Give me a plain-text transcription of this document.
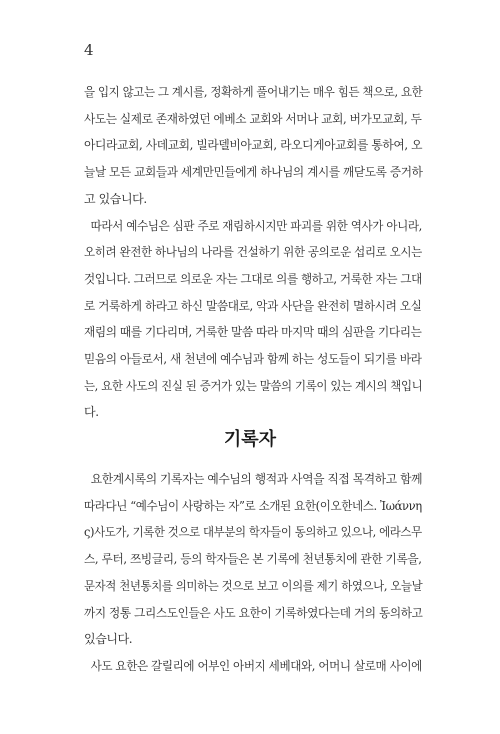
4
을 입지 않고는 그 계시를, 정확하게 풀어내기는 매우 힘든 책으로, 요한
사도는 실제로 존재하였던 에베소 교회와 서머나 교회, 버가모교회, 두
아디라교회, 사데교회, 빌라델비아교회, 라오디게아교회를 통하여, 오
늘날 모든 교회들과 세계만민들에게 하나님의 계시를 깨닫도록 증거하
고 있습니다.
따라서 예수님은 심판 주로 재림하시지만 파괴를 위한 역사가 아니라,
오히려 완전한 하나님의 나라를 건설하기 위한 공의로운 섭리로 오시는
것입니다. 그러므로 의로운 자는 그대로 의를 행하고, 거룩한 자는 그대
로 거룩하게 하라고 하신 말씀대로, 악과 사단을 완전히 멸하시려 오실
재림의 때를 기다리며, 거룩한 말씀 따라 마지막 때의 심판을 기다리는
믿음의 아들로서, 새 천년에 예수님과 함께 하는 성도들이 되기를 바라
는, 요한 사도의 진실 된 증거가 있는 말씀의 기록이 있는 계시의 책입니
다.
기록자
요한계시록의 기록자는 예수님의 행적과 사역을 직접 목격하고 함께
따라다닌 “예수님이 사랑하는 자”로 소개된 요한(이오한네스. Ἰωάννη
ς)사도가, 기록한 것으로 대부분의 학자들이 동의하고 있으나, 에라스무
스, 루터, 쯔빙글리, 등의 학자들은 본 기록에 천년통치에 관한 기록을,
문자적 천년통치를 의미하는 것으로 보고 이의를 제기 하였으나, 오늘날
까지 정통 그리스도인들은 사도 요한이 기록하였다는데 거의 동의하고
있습니다.
사도 요한은 갈릴리에 어부인 아버지 세베대와, 어머니 살로매 사이에
